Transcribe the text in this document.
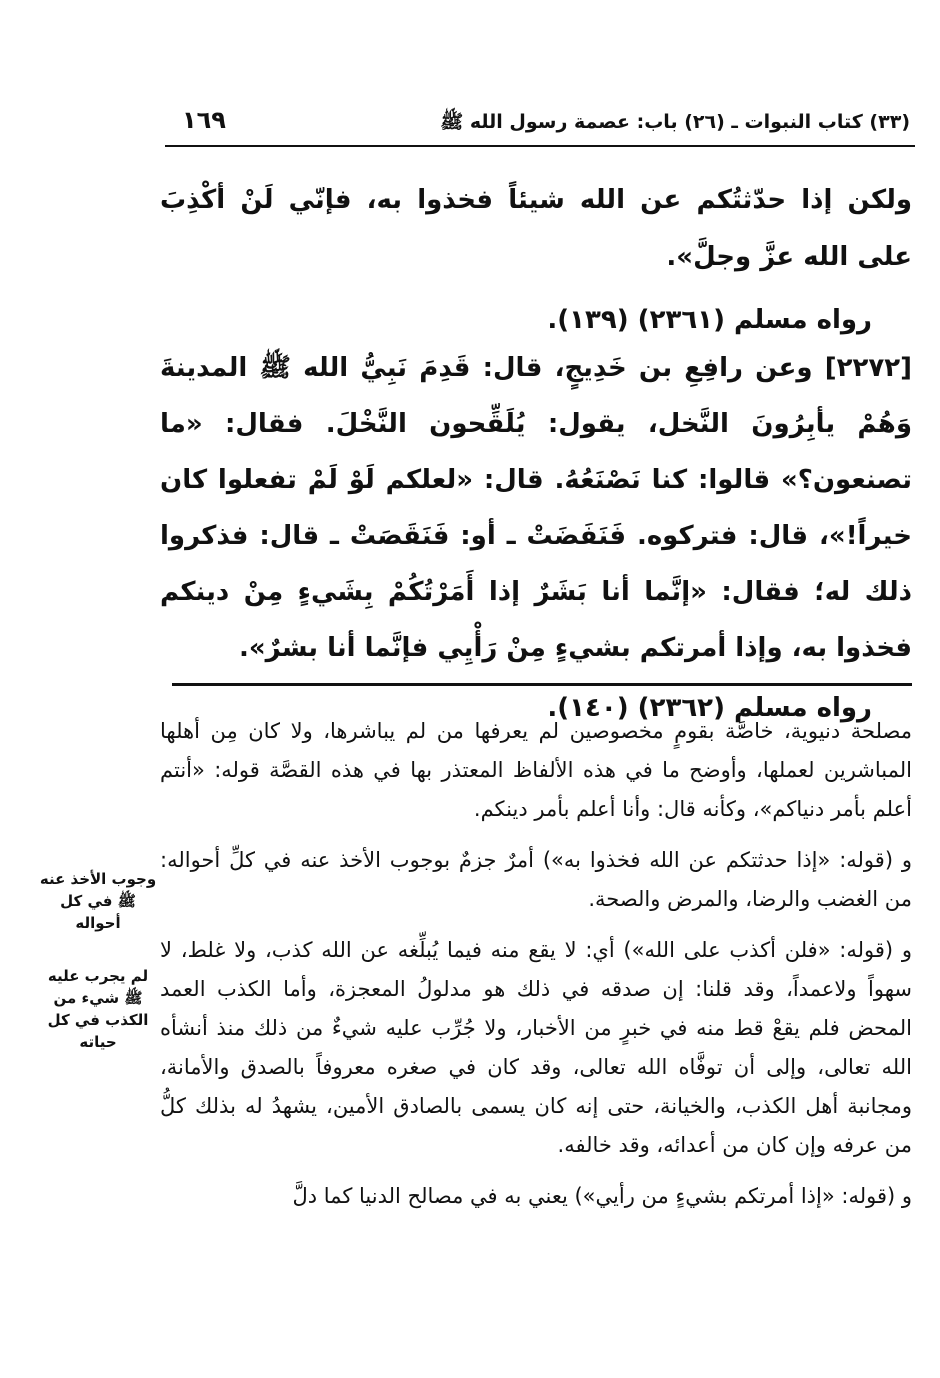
(٣٣) كتاب النبوات ـ (٢٦) باب: عصمة رسول الله ﷺ
١٦٩

ولكن إذا حدّثتُكم عن الله شيئاً فخذوا به، فإنّي لَنْ أكْذِبَ على الله عزَّ وجلَّ».

رواه مسلم (٢٣٦١) (١٣٩).

[٢٢٧٢] وعن رافِعِ بن خَدِيجٍ، قال: قَدِمَ نَبِيُّ الله ﷺ المدينةَ وَهُمْ يأبِرُونَ النَّخل، يقول: يُلَقِّحون النَّخْلَ. فقال: «ما تصنعون؟» قالوا: كنا نَصْنَعُهُ. قال: «لعلكم لَوْ لَمْ تفعلوا كان خيراً!»، قال: فتركوه. فَنَفَضَتْ ـ أو: فَنَقَصَتْ ـ قال: فذكروا ذلك له؛ فقال: «إنَّما أنا بَشَرٌ إذا أَمَرْتُكُمْ بِشَيءٍ مِنْ دينكم فخذوا به، وإذا أمرتكم بشيءٍ مِنْ رَأْيِي فإنَّما أنا بشرٌ».

رواه مسلم (٢٣٦٢) (١٤٠).

مصلحة دنيوية، خاصَّة بقومٍ مخصوصين لم يعرفها من لم يباشرها، ولا كان مِن أهلها المباشرين لعملها، وأوضح ما في هذه الألفاظ المعتذر بها في هذه القصَّة قوله: «أنتم أعلم بأمر دنياكم»، وكأنه قال: وأنا أعلم بأمر دينكم.

و (قوله: «إذا حدثتكم عن الله فخذوا به») أمرٌ جزمٌ بوجوب الأخذ عنه في كلِّ أحواله: من الغضب والرضا، والمرض والصحة.

و (قوله: «فلن أكذب على الله») أي: لا يقع منه فيما يُبلِّغه عن الله كذب، ولا غلط، لا سهواً ولاعمداً، وقد قلنا: إن صدقه في ذلك هو مدلولُ المعجزة، وأما الكذب العمد المحض فلم يقعْ قط منه في خبرٍ من الأخبار، ولا جُرِّب عليه شيءٌ من ذلك منذ أنشأه الله تعالى، وإلى أن توفَّاه الله تعالى، وقد كان في صغره معروفاً بالصدق والأمانة، ومجانبة أهل الكذب، والخيانة، حتى إنه كان يسمى بالصادق الأمين، يشهدُ له بذلك كلُّ من عرفه وإن كان من أعدائه، وقد خالفه.

و (قوله: «إذا أمرتكم بشيءٍ من رأيي») يعني به في مصالح الدنيا كما دلَّ

وجوب الأخذ عنه ﷺ في كل أحواله
لم يجرب عليه ﷺ شيء من الكذب في كل حياته
